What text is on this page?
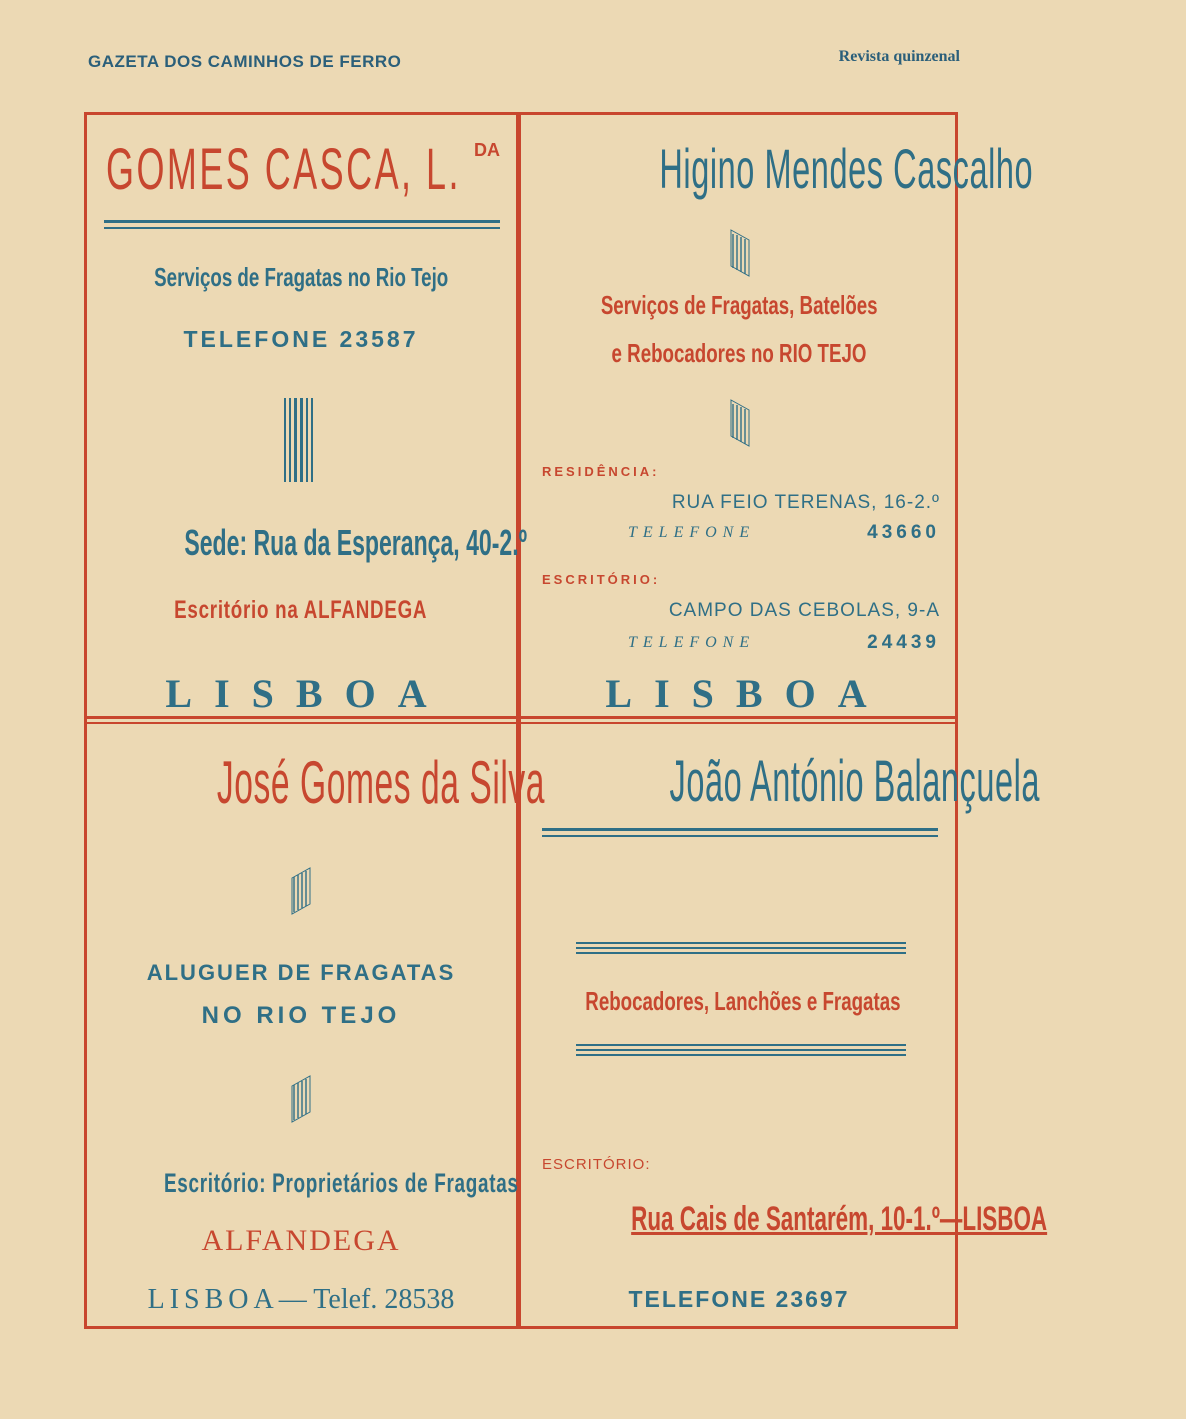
GAZETA DOS CAMINHOS DE FERRO	Revista quinzenal
GOMES CASCA, L. DA
Serviços de Fragatas no Rio Tejo
TELEFONE 23587
Sede: Rua da Esperança, 40-2.º
Escritório na ALFANDEGA
LISBOA
Higino Mendes Cascalho
Serviços de Fragatas, Batelões
e Rebocadores no RIO TEJO
RESIDÊNCIA:
RUA FEIO TERENAS, 16-2.º
TELEFONE	43660
ESCRITÓRIO:
CAMPO DAS CEBOLAS, 9-A
TELEFONE	24439
LISBOA
José Gomes da Silva
ALUGUER DE FRAGATAS
NO RIO TEJO
Escritório: Proprietários de Fragatas
ALFANDEGA
LISBOA— Telef. 28538
João António Balançuela
Rebocadores, Lanchões e Fragatas
ESCRITÓRIO:
Rua Cais de Santarém, 10-1.º—LISBOA
TELEFONE 23697
